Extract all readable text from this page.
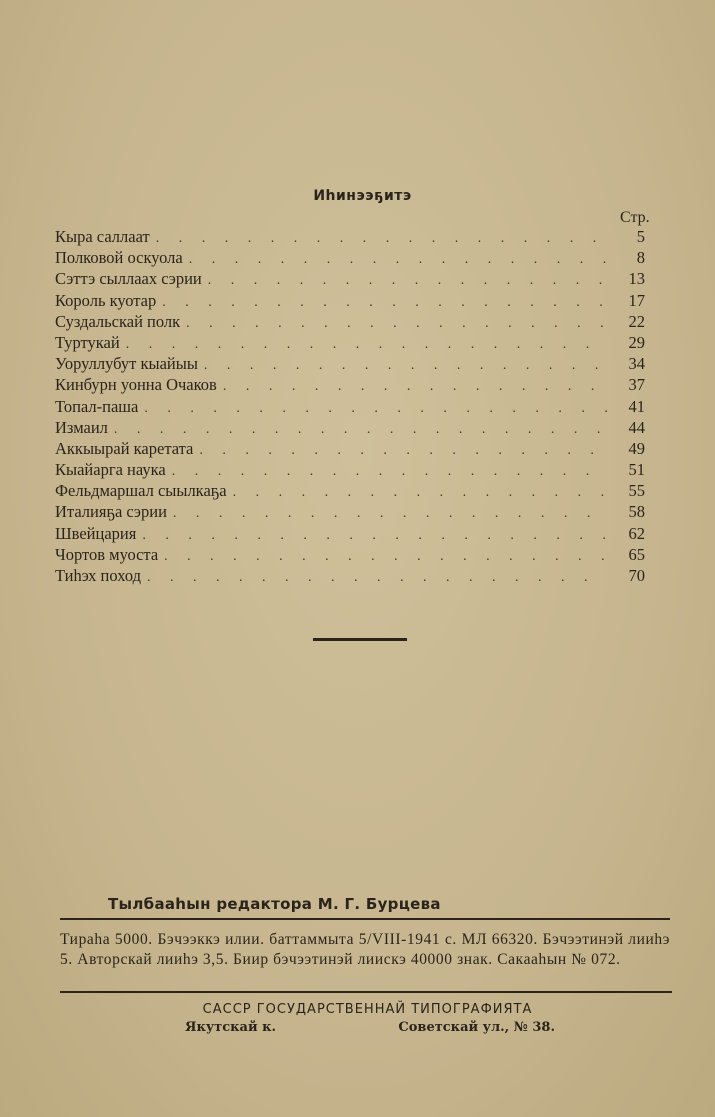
Иһинээҕитэ
Стр.
Кыра саллаат . . .	5
Полковой оскуола . . .	8
Сэттэ сыллаах сэрии . . .	13
Король куотар . . .	17
Суздальскай полк . . .	22
Туртукай . . .	29
Уоруллубут кыайыы . . .	34
Кинбурн уонна Очаков . . .	37
Топал-паша . . .	41
Измаил . . .	44
Аккыырай каретата . . .	49
Кыайарга наука . . .	51
Фельдмаршал сыылкаҕа . . .	55
Италияҕа сэрии . . .	58
Швейцария . . .	62
Чортов муоста . . .	65
Тиһэх поход . . .	70
Тылбааһын редактора М. Г. Бурцева
Тираһа 5000. Бэчээккэ илии. баттаммыта 5/VIII-1941 с. МЛ 66320. Бэчээтинэй лииһэ 5. Авторскай лииһэ 3,5. Биир бэчээтинэй лиискэ 40000 знак. Сакааһын № 072.
САССР ГОСУДАРСТВЕННАЙ ТИПОГРАФИЯТА
Якутскай к.	Советскай ул., № 38.
